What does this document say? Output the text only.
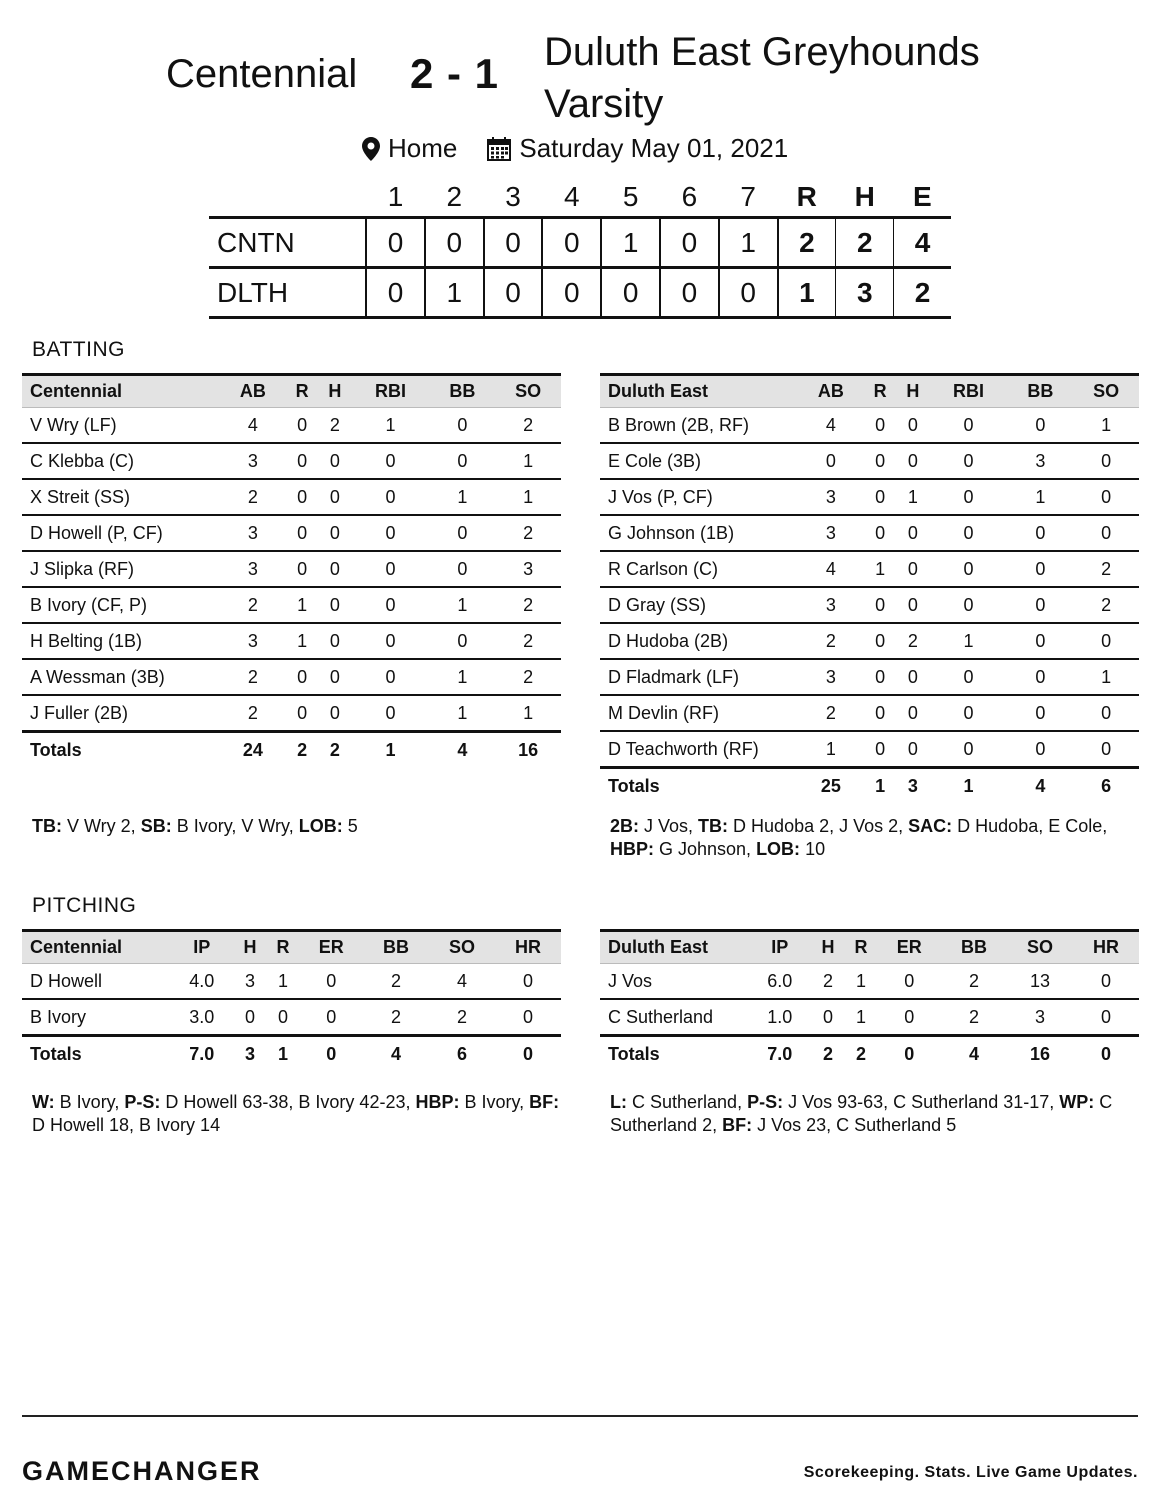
Centennial 2 - 1 Duluth East Greyhounds Varsity
Home Saturday May 01, 2021
	1	2	3	4	5	6	7	R	H	E
CNTN	0	0	0	0	1	0	1	2	2	4
DLTH	0	1	0	0	0	0	0	1	3	2
BATTING
Centennial	AB	R	H	RBI	BB	SO
V Wry (LF)	4	0	2	1	0	2
C Klebba (C)	3	0	0	0	0	1
X Streit (SS)	2	0	0	0	1	1
D Howell (P, CF)	3	0	0	0	0	2
J Slipka (RF)	3	0	0	0	0	3
B Ivory (CF, P)	2	1	0	0	1	2
H Belting (1B)	3	1	0	0	0	2
A Wessman (3B)	2	0	0	0	1	2
J Fuller (2B)	2	0	0	0	1	1
Totals	24	2	2	1	4	16
Duluth East	AB	R	H	RBI	BB	SO
B Brown (2B, RF)	4	0	0	0	0	1
E Cole (3B)	0	0	0	0	3	0
J Vos (P, CF)	3	0	1	0	1	0
G Johnson (1B)	3	0	0	0	0	0
R Carlson (C)	4	1	0	0	0	2
D Gray (SS)	3	0	0	0	0	2
D Hudoba (2B)	2	0	2	1	0	0
D Fladmark (LF)	3	0	0	0	0	1
M Devlin (RF)	2	0	0	0	0	0
D Teachworth (RF)	1	0	0	0	0	0
Totals	25	1	3	1	4	6
TB: V Wry 2, SB: B Ivory, V Wry, LOB: 5	2B: J Vos, TB: D Hudoba 2, J Vos 2, SAC: D Hudoba, E Cole, HBP: G Johnson, LOB: 10
PITCHING
Centennial	IP	H	R	ER	BB	SO	HR
D Howell	4.0	3	1	0	2	4	0
B Ivory	3.0	0	0	0	2	2	0
Totals	7.0	3	1	0	4	6	0
Duluth East	IP	H	R	ER	BB	SO	HR
J Vos	6.0	2	1	0	2	13	0
C Sutherland	1.0	0	1	0	2	3	0
Totals	7.0	2	2	0	4	16	0
W: B Ivory, P-S: D Howell 63-38, B Ivory 42-23, HBP: B Ivory, BF: D Howell 18, B Ivory 14
L: C Sutherland, P-S: J Vos 93-63, C Sutherland 31-17, WP: C Sutherland 2, BF: J Vos 23, C Sutherland 5
GAMECHANGER	Scorekeeping. Stats. Live Game Updates.
